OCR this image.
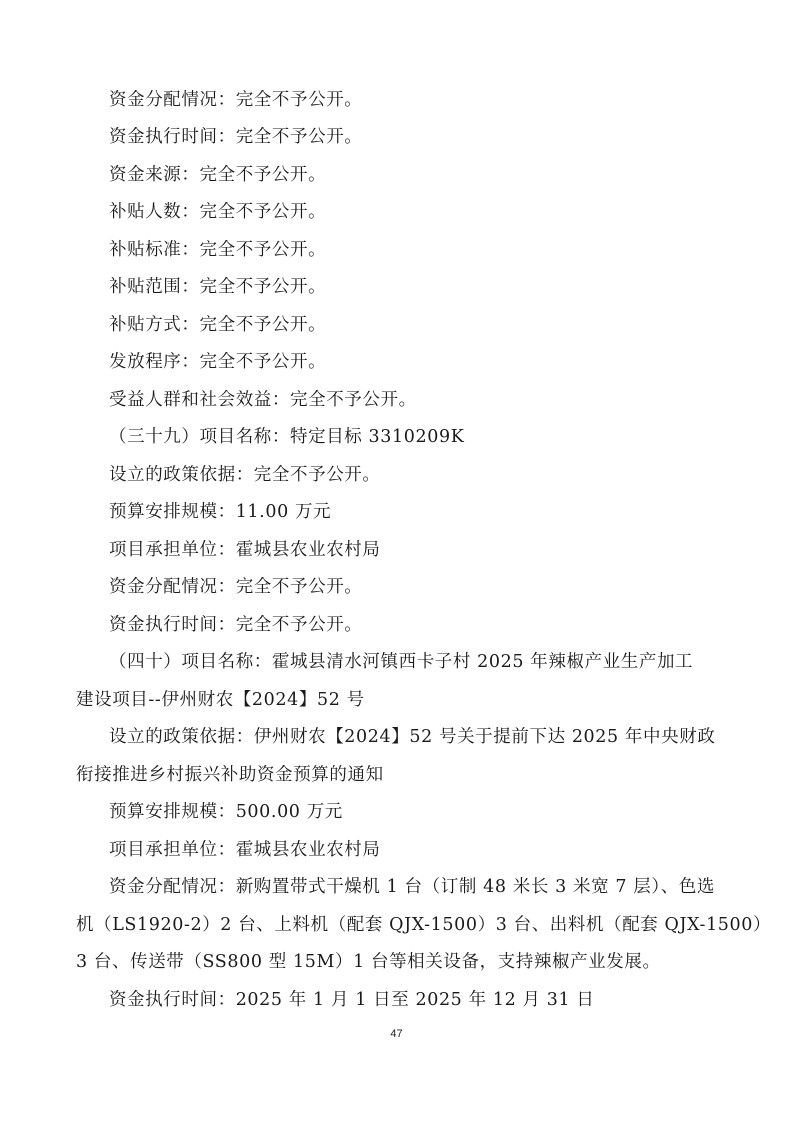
资金分配情况：完全不予公开。
资金执行时间：完全不予公开。
资金来源：完全不予公开。
补贴人数：完全不予公开。
补贴标准：完全不予公开。
补贴范围：完全不予公开。
补贴方式：完全不予公开。
发放程序：完全不予公开。
受益人群和社会效益：完全不予公开。
（三十九）项目名称：特定目标 3310209K
设立的政策依据：完全不予公开。
预算安排规模：11.00 万元
项目承担单位：霍城县农业农村局
资金分配情况：完全不予公开。
资金执行时间：完全不予公开。
（四十）项目名称：霍城县清水河镇西卡子村 2025 年辣椒产业生产加工
建设项目--伊州财农【2024】52 号
设立的政策依据：伊州财农【2024】52 号关于提前下达 2025 年中央财政
衔接推进乡村振兴补助资金预算的通知
预算安排规模：500.00 万元
项目承担单位：霍城县农业农村局
资金分配情况：新购置带式干燥机 1 台（订制 48 米长 3 米宽 7 层）、色选
机（LS1920-2）2 台、上料机（配套 QJX-1500）3 台、出料机（配套 QJX-1500）
3 台、传送带（SS800 型 15M）1 台等相关设备，支持辣椒产业发展。
资金执行时间：2025 年 1 月 1 日至 2025 年 12 月 31 日
47
